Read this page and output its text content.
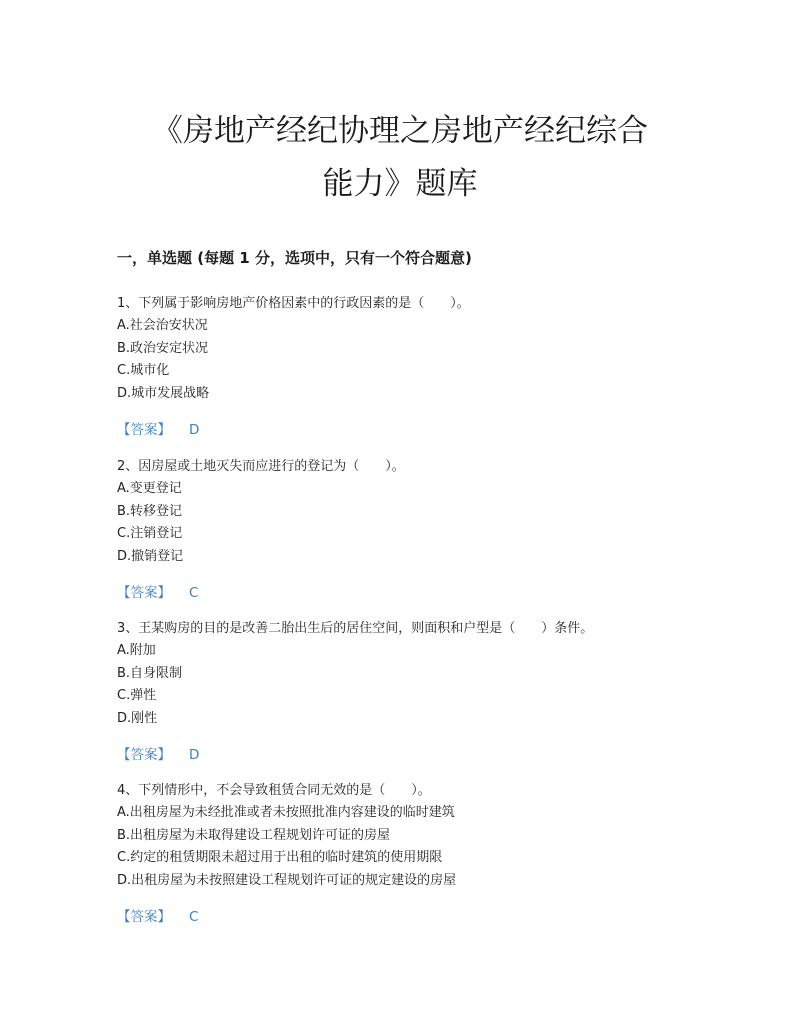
《房地产经纪协理之房地产经纪综合
能力》题库
一，单选题 (每题 1 分，选项中，只有一个符合题意)
1、下列属于影响房地产价格因素中的行政因素的是（　　）。
A.社会治安状况
B.政治安定状况
C.城市化
D.城市发展战略
【答案】 D
2、因房屋或土地灭失而应进行的登记为（　　）。
A.变更登记
B.转移登记
C.注销登记
D.撤销登记
【答案】 C
3、王某购房的目的是改善二胎出生后的居住空间，则面积和户型是（　　）条件。
A.附加
B.自身限制
C.弹性
D.刚性
【答案】 D
4、下列情形中，不会导致租赁合同无效的是（　　）。
A.出租房屋为未经批准或者未按照批准内容建设的临时建筑
B.出租房屋为未取得建设工程规划许可证的房屋
C.约定的租赁期限未超过用于出租的临时建筑的使用期限
D.出租房屋为未按照建设工程规划许可证的规定建设的房屋
【答案】 C
